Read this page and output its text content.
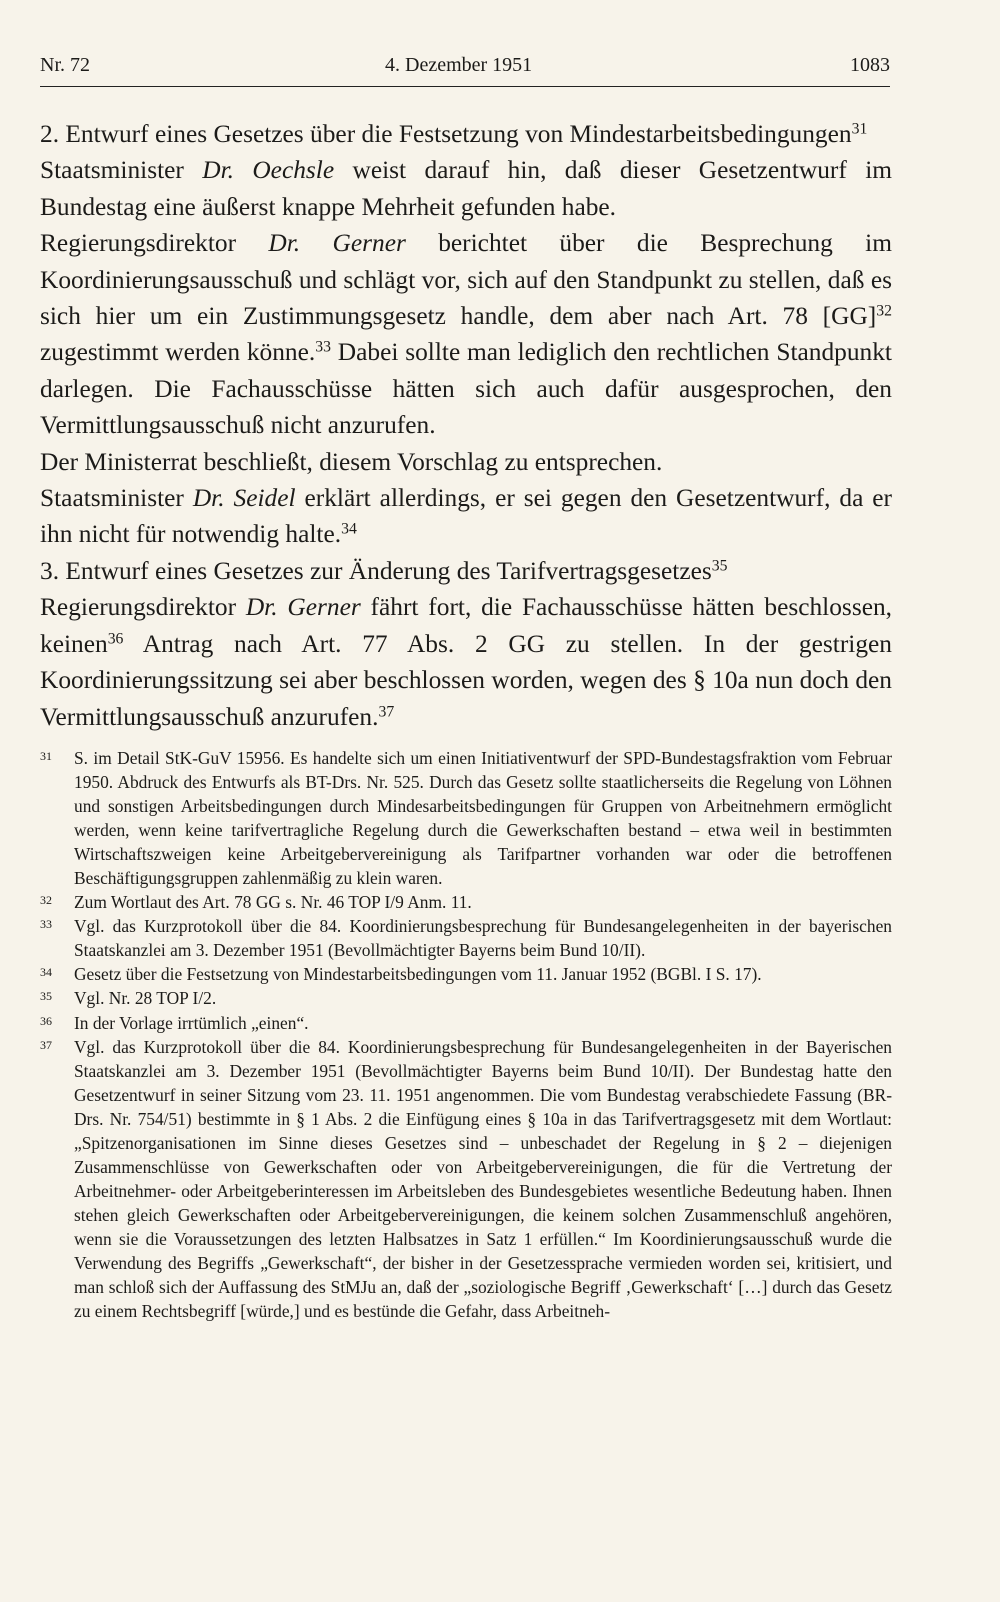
Nr. 72	4. Dezember 1951	1083

2. Entwurf eines Gesetzes über die Festsetzung von Mindestarbeitsbedingungen$^{31}$

Staatsminister Dr. Oechsle weist darauf hin, daß dieser Gesetzentwurf im Bundestag eine äußerst knappe Mehrheit gefunden habe.

Regierungsdirektor Dr. Gerner berichtet über die Besprechung im Koordinierungsausschuß und schlägt vor, sich auf den Standpunkt zu stellen, daß es sich hier um ein Zustimmungsgesetz handle, dem aber nach Art. 78 [GG]$^{32}$ zugestimmt werden könne.$^{33}$ Dabei sollte man lediglich den rechtlichen Standpunkt darlegen. Die Fachausschüsse hätten sich auch dafür ausgesprochen, den Vermittlungsausschuß nicht anzurufen.

Der Ministerrat beschließt, diesem Vorschlag zu entsprechen.

Staatsminister Dr. Seidel erklärt allerdings, er sei gegen den Gesetzentwurf, da er ihn nicht für notwendig halte.$^{34}$

3. Entwurf eines Gesetzes zur Änderung des Tarifvertragsgesetzes$^{35}$

Regierungsdirektor Dr. Gerner fährt fort, die Fachausschüsse hätten beschlossen, keinen$^{36}$ Antrag nach Art. 77 Abs. 2 GG zu stellen. In der gestrigen Koordinierungssitzung sei aber beschlossen worden, wegen des § 10a nun doch den Vermittlungsausschuß anzurufen.$^{37}$

31 S. im Detail StK-GuV 15956. Es handelte sich um einen Initiativentwurf der SPD-Bundestagsfraktion vom Februar 1950. Abdruck des Entwurfs als BT-Drs. Nr. 525. Durch das Gesetz sollte staatlicherseits die Regelung von Löhnen und sonstigen Arbeitsbedingungen durch Mindesarbeitsbedingungen für Gruppen von Arbeitnehmern ermöglicht werden, wenn keine tarifvertragliche Regelung durch die Gewerkschaften bestand – etwa weil in bestimmten Wirtschaftszweigen keine Arbeitgebervereinigung als Tarifpartner vorhanden war oder die betroffenen Beschäftigungsgruppen zahlenmäßig zu klein waren.

32 Zum Wortlaut des Art. 78 GG s. Nr. 46 TOP I/9 Anm. 11.

33 Vgl. das Kurzprotokoll über die 84. Koordinierungsbesprechung für Bundesangelegenheiten in der bayerischen Staatskanzlei am 3. Dezember 1951 (Bevollmächtigter Bayerns beim Bund 10/II).

34 Gesetz über die Festsetzung von Mindestarbeitsbedingungen vom 11. Januar 1952 (BGBl. I S. 17).

35 Vgl. Nr. 28 TOP I/2.

36 In der Vorlage irrtümlich „einen“.

37 Vgl. das Kurzprotokoll über die 84. Koordinierungsbesprechung für Bundesangelegenheiten in der Bayerischen Staatskanzlei am 3. Dezember 1951 (Bevollmächtigter Bayerns beim Bund 10/II). Der Bundestag hatte den Gesetzentwurf in seiner Sitzung vom 23. 11. 1951 angenommen. Die vom Bundestag verabschiedete Fassung (BR-Drs. Nr. 754/51) bestimmte in § 1 Abs. 2 die Einfügung eines § 10a in das Tarifvertragsgesetz mit dem Wortlaut: „Spitzenorganisationen im Sinne dieses Gesetzes sind – unbeschadet der Regelung in § 2 – diejenigen Zusammenschlüsse von Gewerkschaften oder von Arbeitgebervereinigungen, die für die Vertretung der Arbeitnehmer- oder Arbeitgeberinteressen im Arbeitsleben des Bundesgebietes wesentliche Bedeutung haben. Ihnen stehen gleich Gewerkschaften oder Arbeitgebervereinigungen, die keinem solchen Zusammenschluß angehören, wenn sie die Voraussetzungen des letzten Halbsatzes in Satz 1 erfüllen.“ Im Koordinierungsausschuß wurde die Verwendung des Begriffs „Gewerkschaft“, der bisher in der Gesetzessprache vermieden worden sei, kritisiert, und man schloß sich der Auffassung des StMJu an, daß der „soziologische Begriff ‚Gewerkschaft‘ […] durch das Gesetz zu einem Rechtsbegriff [würde,] und es bestünde die Gefahr, dass Arbeitneh-
